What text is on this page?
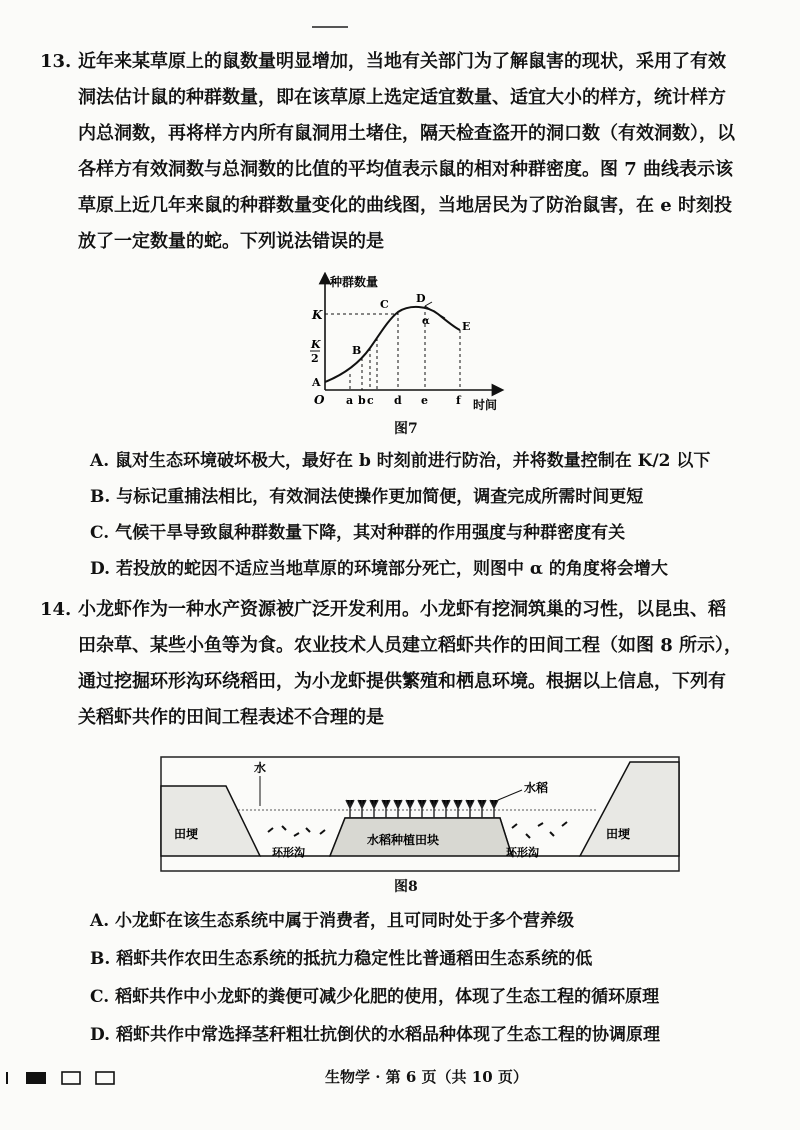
13. 近年来某草原上的鼠数量明显增加，当地有关部门为了解鼠害的现状，采用了有效
洞法估计鼠的种群数量，即在该草原上选定适宜数量、适宜大小的样方，统计样方
内总洞数，再将样方内所有鼠洞用土堵住，隔天检查盗开的洞口数（有效洞数），以
各样方有效洞数与总洞数的比值的平均值表示鼠的相对种群密度。图 7 曲线表示该
草原上近几年来鼠的种群数量变化的曲线图，当地居民为了防治鼠害，在 e 时刻投
放了一定数量的蛇。下列说法错误的是
种群数量
时间
K
K
2
O
A
B
C D
E
α
a b c d e	f
图7
A. 鼠对生态环境破坏极大，最好在 b 时刻前进行防治，并将数量控制在 K/2 以下
B. 与标记重捕法相比，有效洞法使操作更加简便，调查完成所需时间更短
C. 气候干旱导致鼠种群数量下降，其对种群的作用强度与种群密度有关
D. 若投放的蛇因不适应当地草原的环境部分死亡，则图中 α 的角度将会增大
14. 小龙虾作为一种水产资源被广泛开发利用。小龙虾有挖洞筑巢的习性，以昆虫、稻
田杂草、某些小鱼等为食。农业技术人员建立稻虾共作的田间工程（如图 8 所示），
通过挖掘环形沟环绕稻田，为小龙虾提供繁殖和栖息环境。根据以上信息，下列有
关稻虾共作的田间工程表述不合理的是
水
水稻
田埂	田埂
水稻种植田块
环形沟	环形沟
图8
A. 小龙虾在该生态系统中属于消费者，且可同时处于多个营养级
B. 稻虾共作农田生态系统的抵抗力稳定性比普通稻田生态系统的低
C. 稻虾共作中小龙虾的粪便可减少化肥的使用，体现了生态工程的循环原理
D. 稻虾共作中常选择茎秆粗壮抗倒伏的水稻品种体现了生态工程的协调原理
生物学 · 第 6 页（共 10 页）
